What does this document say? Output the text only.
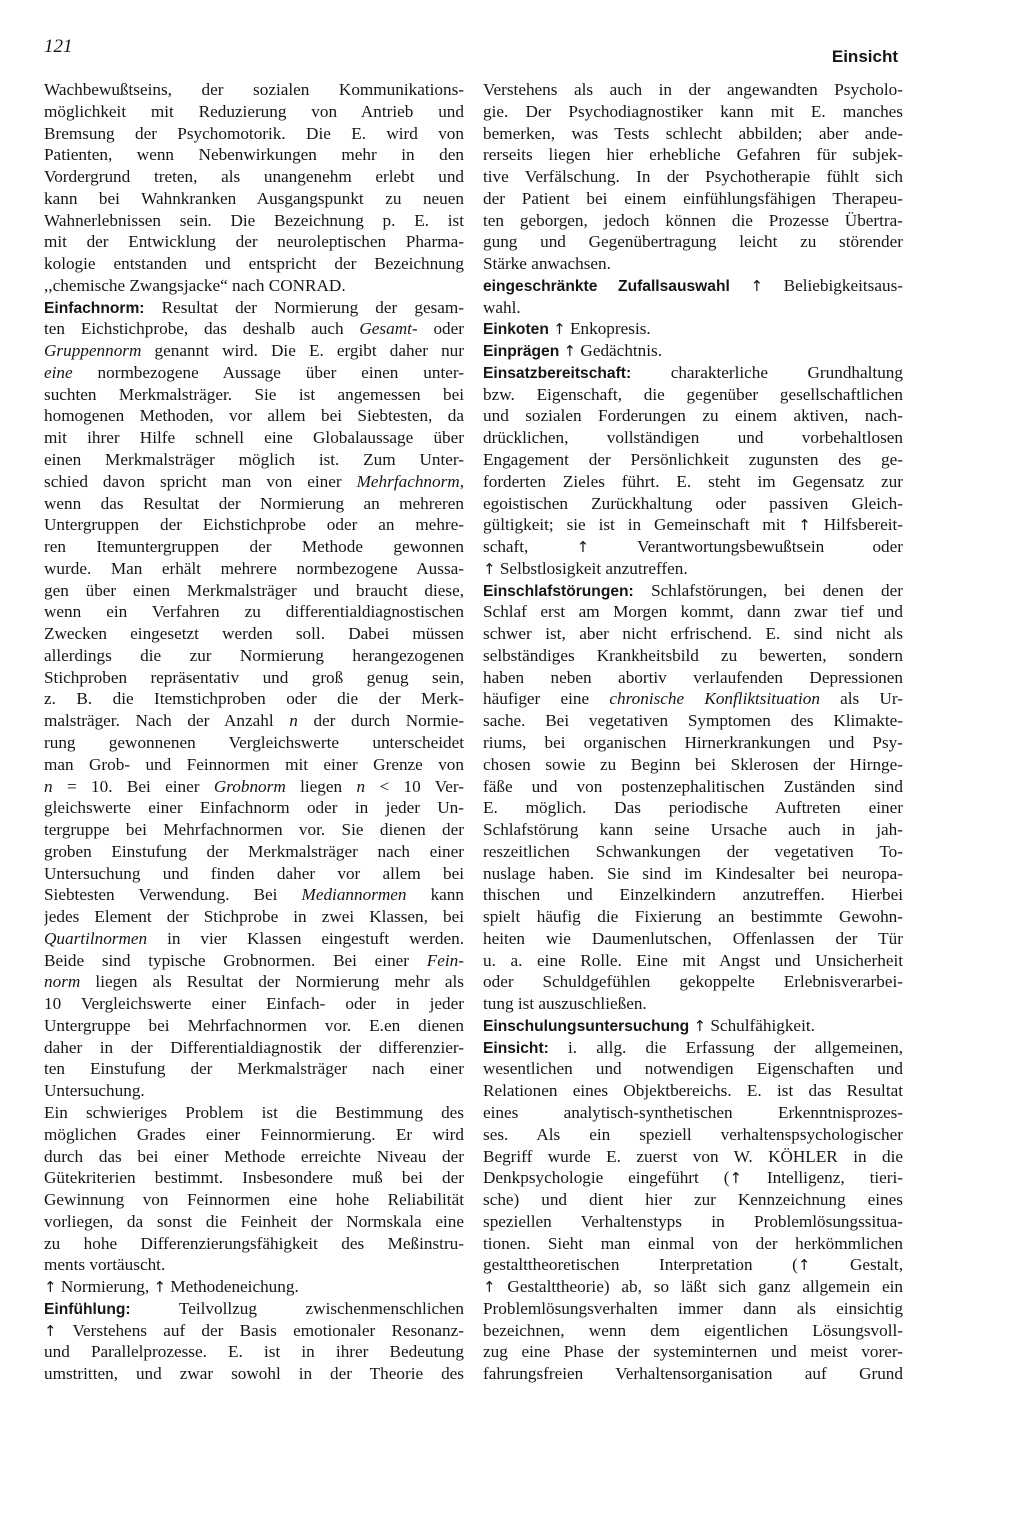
121	Einsicht
Wachbewußtseins, der sozialen Kommunikations-
möglichkeit mit Reduzierung von Antrieb und
Bremsung der Psychomotorik. Die E. wird von
Patienten, wenn Nebenwirkungen mehr in den
Vordergrund treten, als unangenehm erlebt und
kann bei Wahnkranken Ausgangspunkt zu neuen
Wahnerlebnissen sein. Die Bezeichnung p. E. ist
mit der Entwicklung der neuroleptischen Pharma-
kologie entstanden und entspricht der Bezeichnung
,,chemische Zwangsjacke“ nach CONRAD.
Einfachnorm: Resultat der Normierung der gesam-
ten Eichstichprobe, das deshalb auch Gesamt- oder
Gruppennorm genannt wird. Die E. ergibt daher nur
eine normbezogene Aussage über einen unter-
suchten Merkmalsträger. Sie ist angemessen bei
homogenen Methoden, vor allem bei Siebtesten, da
mit ihrer Hilfe schnell eine Globalaussage über
einen Merkmalsträger möglich ist. Zum Unter-
schied davon spricht man von einer Mehrfachnorm,
wenn das Resultat der Normierung an mehreren
Untergruppen der Eichstichprobe oder an mehre-
ren Itemuntergruppen der Methode gewonnen
wurde. Man erhält mehrere normbezogene Aussa-
gen über einen Merkmalsträger und braucht diese,
wenn ein Verfahren zu differentialdiagnostischen
Zwecken eingesetzt werden soll. Dabei müssen
allerdings die zur Normierung herangezogenen
Stichproben repräsentativ und groß genug sein,
z. B. die Itemstichproben oder die der Merk-
malsträger. Nach der Anzahl n der durch Normie-
rung gewonnenen Vergleichswerte unterscheidet
man Grob- und Feinnormen mit einer Grenze von
n = 10. Bei einer Grobnorm liegen n < 10 Ver-
gleichswerte einer Einfachnorm oder in jeder Un-
tergruppe bei Mehrfachnormen vor. Sie dienen der
groben Einstufung der Merkmalsträger nach einer
Untersuchung und finden daher vor allem bei
Siebtesten Verwendung. Bei Mediannormen kann
jedes Element der Stichprobe in zwei Klassen, bei
Quartilnormen in vier Klassen eingestuft werden.
Beide sind typische Grobnormen. Bei einer Fein-
norm liegen als Resultat der Normierung mehr als
10 Vergleichswerte einer Einfach- oder in jeder
Untergruppe bei Mehrfachnormen vor. E.en dienen
daher in der Differentialdiagnostik der differenzier-
ten Einstufung der Merkmalsträger nach einer
Untersuchung.
Ein schwieriges Problem ist die Bestimmung des
möglichen Grades einer Feinnormierung. Er wird
durch das bei einer Methode erreichte Niveau der
Gütekriterien bestimmt. Insbesondere muß bei der
Gewinnung von Feinnormen eine hohe Reliabilität
vorliegen, da sonst die Feinheit der Normskala eine
zu hohe Differenzierungsfähigkeit des Meßinstru-
ments vortäuscht.
↑ Normierung, ↑ Methodeneichung.
Einfühlung: Teilvollzug zwischenmenschlichen
↑ Verstehens auf der Basis emotionaler Resonanz-
und Parallelprozesse. E. ist in ihrer Bedeutung
umstritten, und zwar sowohl in der Theorie des
Verstehens als auch in der angewandten Psycholo-
gie. Der Psychodiagnostiker kann mit E. manches
bemerken, was Tests schlecht abbilden; aber ande-
rerseits liegen hier erhebliche Gefahren für subjek-
tive Verfälschung. In der Psychotherapie fühlt sich
der Patient bei einem einfühlungsfähigen Therapeu-
ten geborgen, jedoch können die Prozesse Übertra-
gung und Gegenübertragung leicht zu störender
Stärke anwachsen.
eingeschränkte Zufallsauswahl ↑ Beliebigkeitsaus-
wahl.
Einkoten ↑ Enkopresis.
Einprägen ↑ Gedächtnis.
Einsatzbereitschaft: charakterliche Grundhaltung
bzw. Eigenschaft, die gegenüber gesellschaftlichen
und sozialen Forderungen zu einem aktiven, nach-
drücklichen, vollständigen und vorbehaltlosen
Engagement der Persönlichkeit zugunsten des ge-
forderten Zieles führt. E. steht im Gegensatz zur
egoistischen Zurückhaltung oder passiven Gleich-
gültigkeit; sie ist in Gemeinschaft mit ↑ Hilfsbereit-
schaft, ↑ Verantwortungsbewußtsein oder
↑ Selbstlosigkeit anzutreffen.
Einschlafstörungen: Schlafstörungen, bei denen der
Schlaf erst am Morgen kommt, dann zwar tief und
schwer ist, aber nicht erfrischend. E. sind nicht als
selbständiges Krankheitsbild zu bewerten, sondern
haben neben abortiv verlaufenden Depressionen
häufiger eine chronische Konfliktsituation als Ur-
sache. Bei vegetativen Symptomen des Klimakte-
riums, bei organischen Hirnerkrankungen und Psy-
chosen sowie zu Beginn bei Sklerosen der Hirnge-
fäße und von postenzephalitischen Zuständen sind
E. möglich. Das periodische Auftreten einer
Schlafstörung kann seine Ursache auch in jah-
reszeitlichen Schwankungen der vegetativen To-
nuslage haben. Sie sind im Kindesalter bei neuropa-
thischen und Einzelkindern anzutreffen. Hierbei
spielt häufig die Fixierung an bestimmte Gewohn-
heiten wie Daumenlutschen, Offenlassen der Tür
u. a. eine Rolle. Eine mit Angst und Unsicherheit
oder Schuldgefühlen gekoppelte Erlebnisverarbei-
tung ist auszuschließen.
Einschulungsuntersuchung ↑ Schulfähigkeit.
Einsicht: i. allg. die Erfassung der allgemeinen,
wesentlichen und notwendigen Eigenschaften und
Relationen eines Objektbereichs. E. ist das Resultat
eines analytisch-synthetischen Erkenntnisprozes-
ses. Als ein speziell verhaltenspsychologischer
Begriff wurde E. zuerst von W. KÖHLER in die
Denkpsychologie eingeführt (↑ Intelligenz, tieri-
sche) und dient hier zur Kennzeichnung eines
speziellen Verhaltenstyps in Problemlösungssitua-
tionen. Sieht man einmal von der herkömmlichen
gestalttheoretischen Interpretation (↑ Gestalt,
↑ Gestalttheorie) ab, so läßt sich ganz allgemein ein
Problemlösungsverhalten immer dann als einsichtig
bezeichnen, wenn dem eigentlichen Lösungsvoll-
zug eine Phase der systeminternen und meist vorer-
fahrungsfreien Verhaltensorganisation auf Grund
